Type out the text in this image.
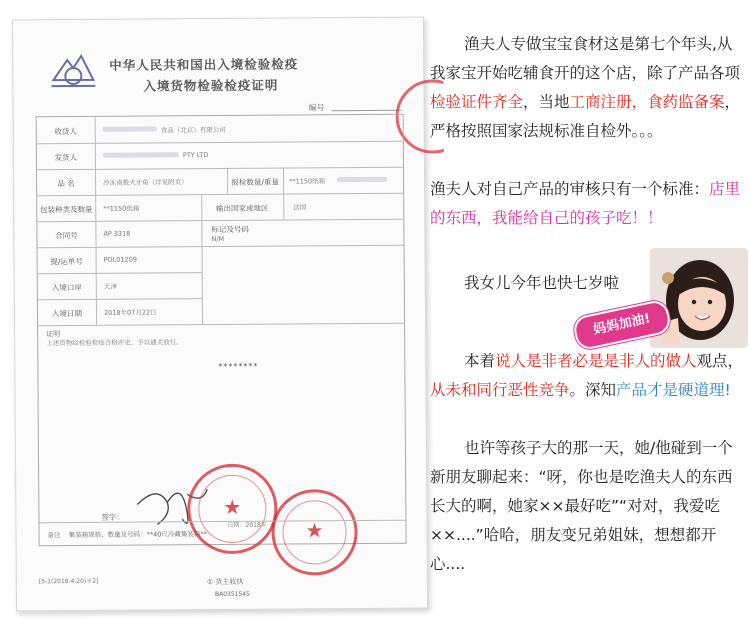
中华人民共和国出入境检验检疫
入境货物检验检疫证明
编号
收货人	食品（北京）有限公司
发货人	PTY LTD
品 名	冷冻南极犬牙鱼（详见附页）	报检数量/重量	**1150纸箱
包装种类及数量	**1150纸箱	输出国家或地区	法国
合同号	AP 3318	标记及号码
N/M
提/运单号	POL01209
入境口岸	天津
入境日期	2018年07月22日
证明
上述货物经检验检疫合格评定，予以通关放行。
********
★
★
日期：2018年
签字：
备注 集装箱规格、数量及号码：**40尺冷藏集装箱**
[5-1(2018.4.20)＊2]	① 货主收执
BA0351545
渔夫人专做宝宝食材这是第七个年头,从我家宝开始吃辅食开的这个店，除了产品各项检验证件齐全，当地工商注册，食药监备案，严格按照国家法规标准自检外。。。
渔夫人对自己产品的审核只有一个标准：店里的东西，我能给自己的孩子吃！！
我女儿今年也快七岁啦
本着说人是非者必是是非人的做人观点，从未和同行恶性竞争。深知产品才是硬道理!
也许等孩子大的那一天，她/他碰到一个新朋友聊起来：“呀，你也是吃渔夫人的东西长大的啊，她家××最好吃”“对对，我爱吃××....”哈哈，朋友变兄弟姐妹，想想都开心....
妈妈加油!
